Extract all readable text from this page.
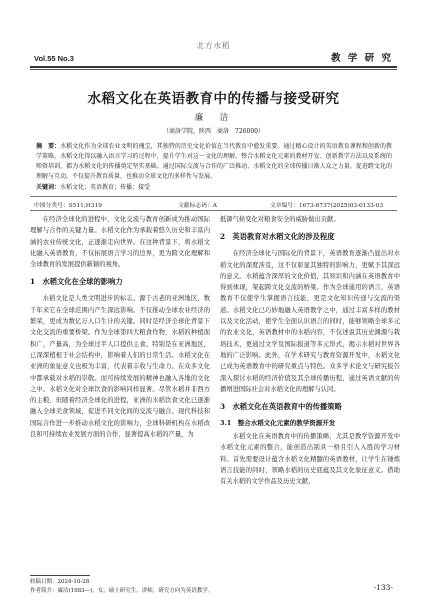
北方水稻
Vol.55 No.3	教 学 研 究
水稻文化在英语教育中的传播与接受研究
廉　洁
（商洛学院，陕西　商洛　726000）
摘　要：水稻文化作为全球农业文明的瑰宝，其独特的历史文化价值在当代教育中愈发重要。通过精心设计的英语教育课程和创新的教学策略，水稻文化得以融入语言学习的过程中，提升学生对这一文化的理解。整合水稻文化元素的教材开发、创新教学方法以及系统的师资培训，都为水稻文化的传播奠定坚实基础。通过国际交流与合作的广泛推动，水稻文化的全球传播日渐人众之力量。促进跨文化的理解与互动，不仅提升教育质量，也推动全球文化的多样性与发展。
关键词：水稻文化；英语教育；传播；接受
中图分类号：S511;H319	文献标志码：A	文章编号：1673-6737(2025)03-0133-03

在经济全球化的进程中，文化交流与教育创新成为推动国际理解与合作的关键力量。水稻文化作为承载着悠久历史和丰富内涵的农业传统文化，正逐渐走向世界。在这种背景下，将水稻文化融入英语教育，不仅拓展语言学习的边界，更为跨文化理解和全球教育的发展提供新颖的视角。

1　水稻文化在全球的影响力

水稻文化是人类文明进步的标志。源于古老的亚洲地区，数千年来它在全球范围内产生深远影响。不仅推动全球农业经济的繁荣，更成为数亿万人口生计的关键。同时是经济全球化背景下文化交流的重要桥梁。作为全球第四大粮食作物，水稻的种植面积广，产量高，为全球过半人口提供主食。特别是在亚洲地区，已深深植根于社会结构中，影响着人们的日常生活。水稻文化在亚洲的象征意义也极为丰富，代表着丰收与生命力。在众多文化中都承载对水稻的崇敬。而可持续发展的精神也融入各地的文化之中。水稻文化对全球饮食的影响同样显著。尽管水稻并非西方的主粮，但随着经济全球化的进程，亚洲的水稻饮食文化已逐渐融入全球美食领域，促进不同文化间的交流与融合。现代科技和国际合作进一步推动水稻文化的影响力，全球科研机构在水稻改良和可持续农业发展方面的合作，显著提高水稻的产量，为

抵御气候变化对粮食安全的威胁做出贡献。

2　英语教育对水稻文化的涉及程度

在经济全球化与国际化的背景下，英语教育逐渐凸显出对水稻文化的深度涉及，这不仅彰显其独特的影响力，更赋予其深远的意义。水稻蕴含深厚的文化价值，其知识和内涵在英语教育中得到体现，架起跨文化交流的桥梁。作为全球通用的语言，英语教育不仅使学生掌握语言技能，更是文化知识传递与交流的渠道。水稻文化已巧妙地融入英语教学之中，通过丰富多样的教材以及文化活动，使学生全面认识语言的同时，能够领略全球多元的农业文化，英语教材中的水稻内容，不仅述说其历史渊源与栽培技术，更通过文学及国际报道等多元形式，揭示水稻对世界各地的广泛影响。此外，在学术研究与教育资源开发中，水稻文化已成为英语教育中的研究重点与特色。众多学术论文与研究报告深入探讨水稻的经济价值及其全球传播历程，通过英语文献的传播增进国际社会对水稻文化的理解与认同。

3　水稻文化在英语教育中的传播策略
3.1　整合水稻文化元素的教学资源开发

水稻文化在英语教育中的传播策略，尤其是教学资源开发中水稻文化元素的整合，能创造出别具一格且引人入胜的学习材料。首先需要设计蕴含水稻文化精髓的英语教材，让学生在锤炼语言技能的同时，领略水稻的历史底蕴及其文化象征意义。借助有关水稻的文学作品及历史文献，

收稿日期：2024-10-28
作者简介：廉洁(1983—)，女，硕士研究生，讲师，研究方向为英语教学。	-133-
